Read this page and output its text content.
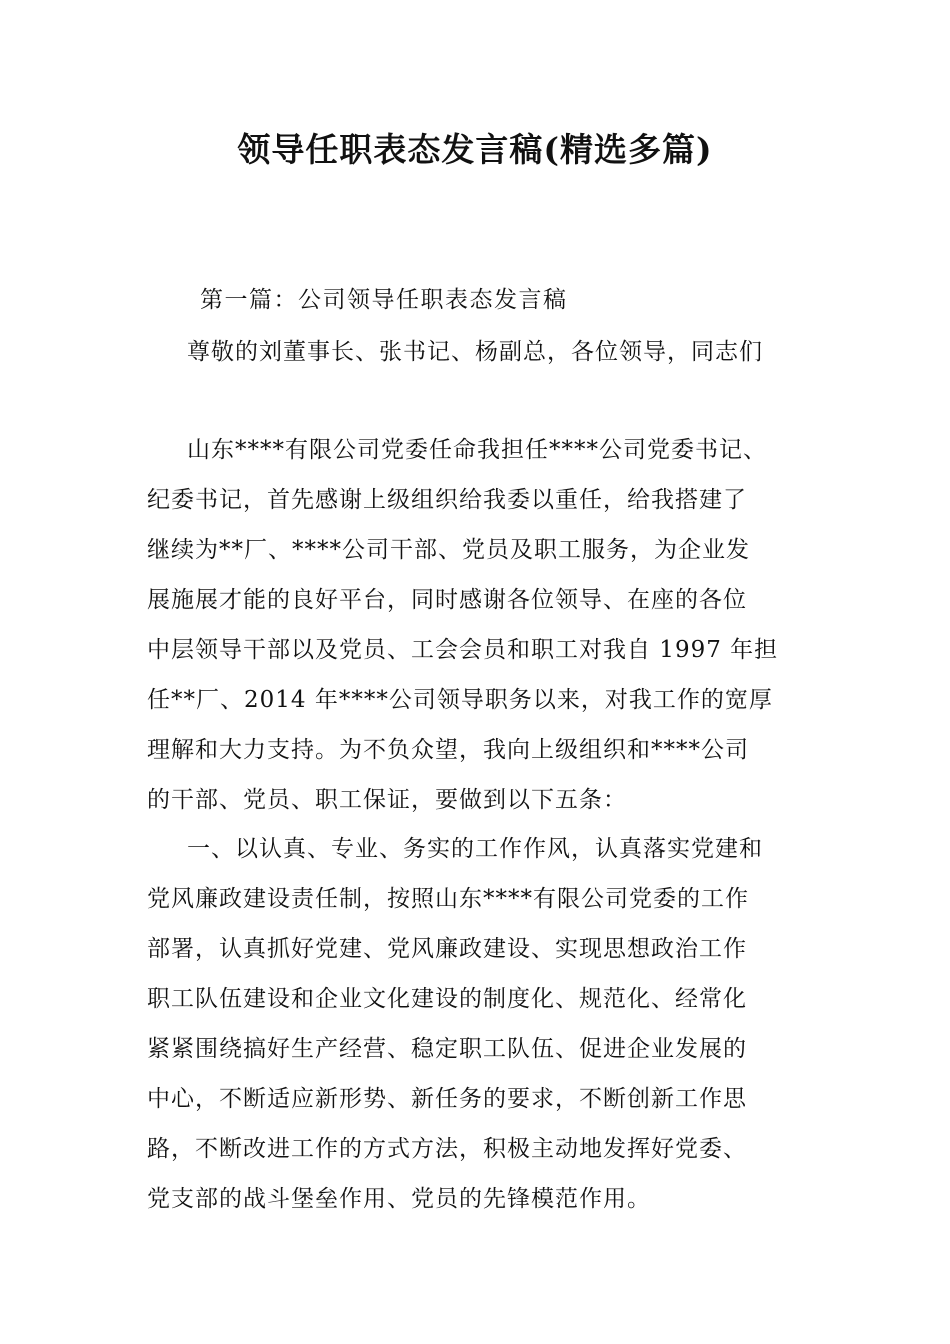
领导任职表态发言稿(精选多篇)
第一篇：公司领导任职表态发言稿
尊敬的刘董事长、张书记、杨副总，各位领导，同志们
山东****有限公司党委任命我担任****公司党委书记、
纪委书记，首先感谢上级组织给我委以重任，给我搭建了
继续为**厂、****公司干部、党员及职工服务，为企业发
展施展才能的良好平台，同时感谢各位领导、在座的各位
中层领导干部以及党员、工会会员和职工对我自 1997 年担
任**厂、2014 年****公司领导职务以来，对我工作的宽厚
理解和大力支持。为不负众望，我向上级组织和****公司
的干部、党员、职工保证，要做到以下五条：
一、以认真、专业、务实的工作作风，认真落实党建和
党风廉政建设责任制，按照山东****有限公司党委的工作
部署，认真抓好党建、党风廉政建设、实现思想政治工作
职工队伍建设和企业文化建设的制度化、规范化、经常化
紧紧围绕搞好生产经营、稳定职工队伍、促进企业发展的
中心，不断适应新形势、新任务的要求，不断创新工作思
路，不断改进工作的方式方法，积极主动地发挥好党委、
党支部的战斗堡垒作用、党员的先锋模范作用。
